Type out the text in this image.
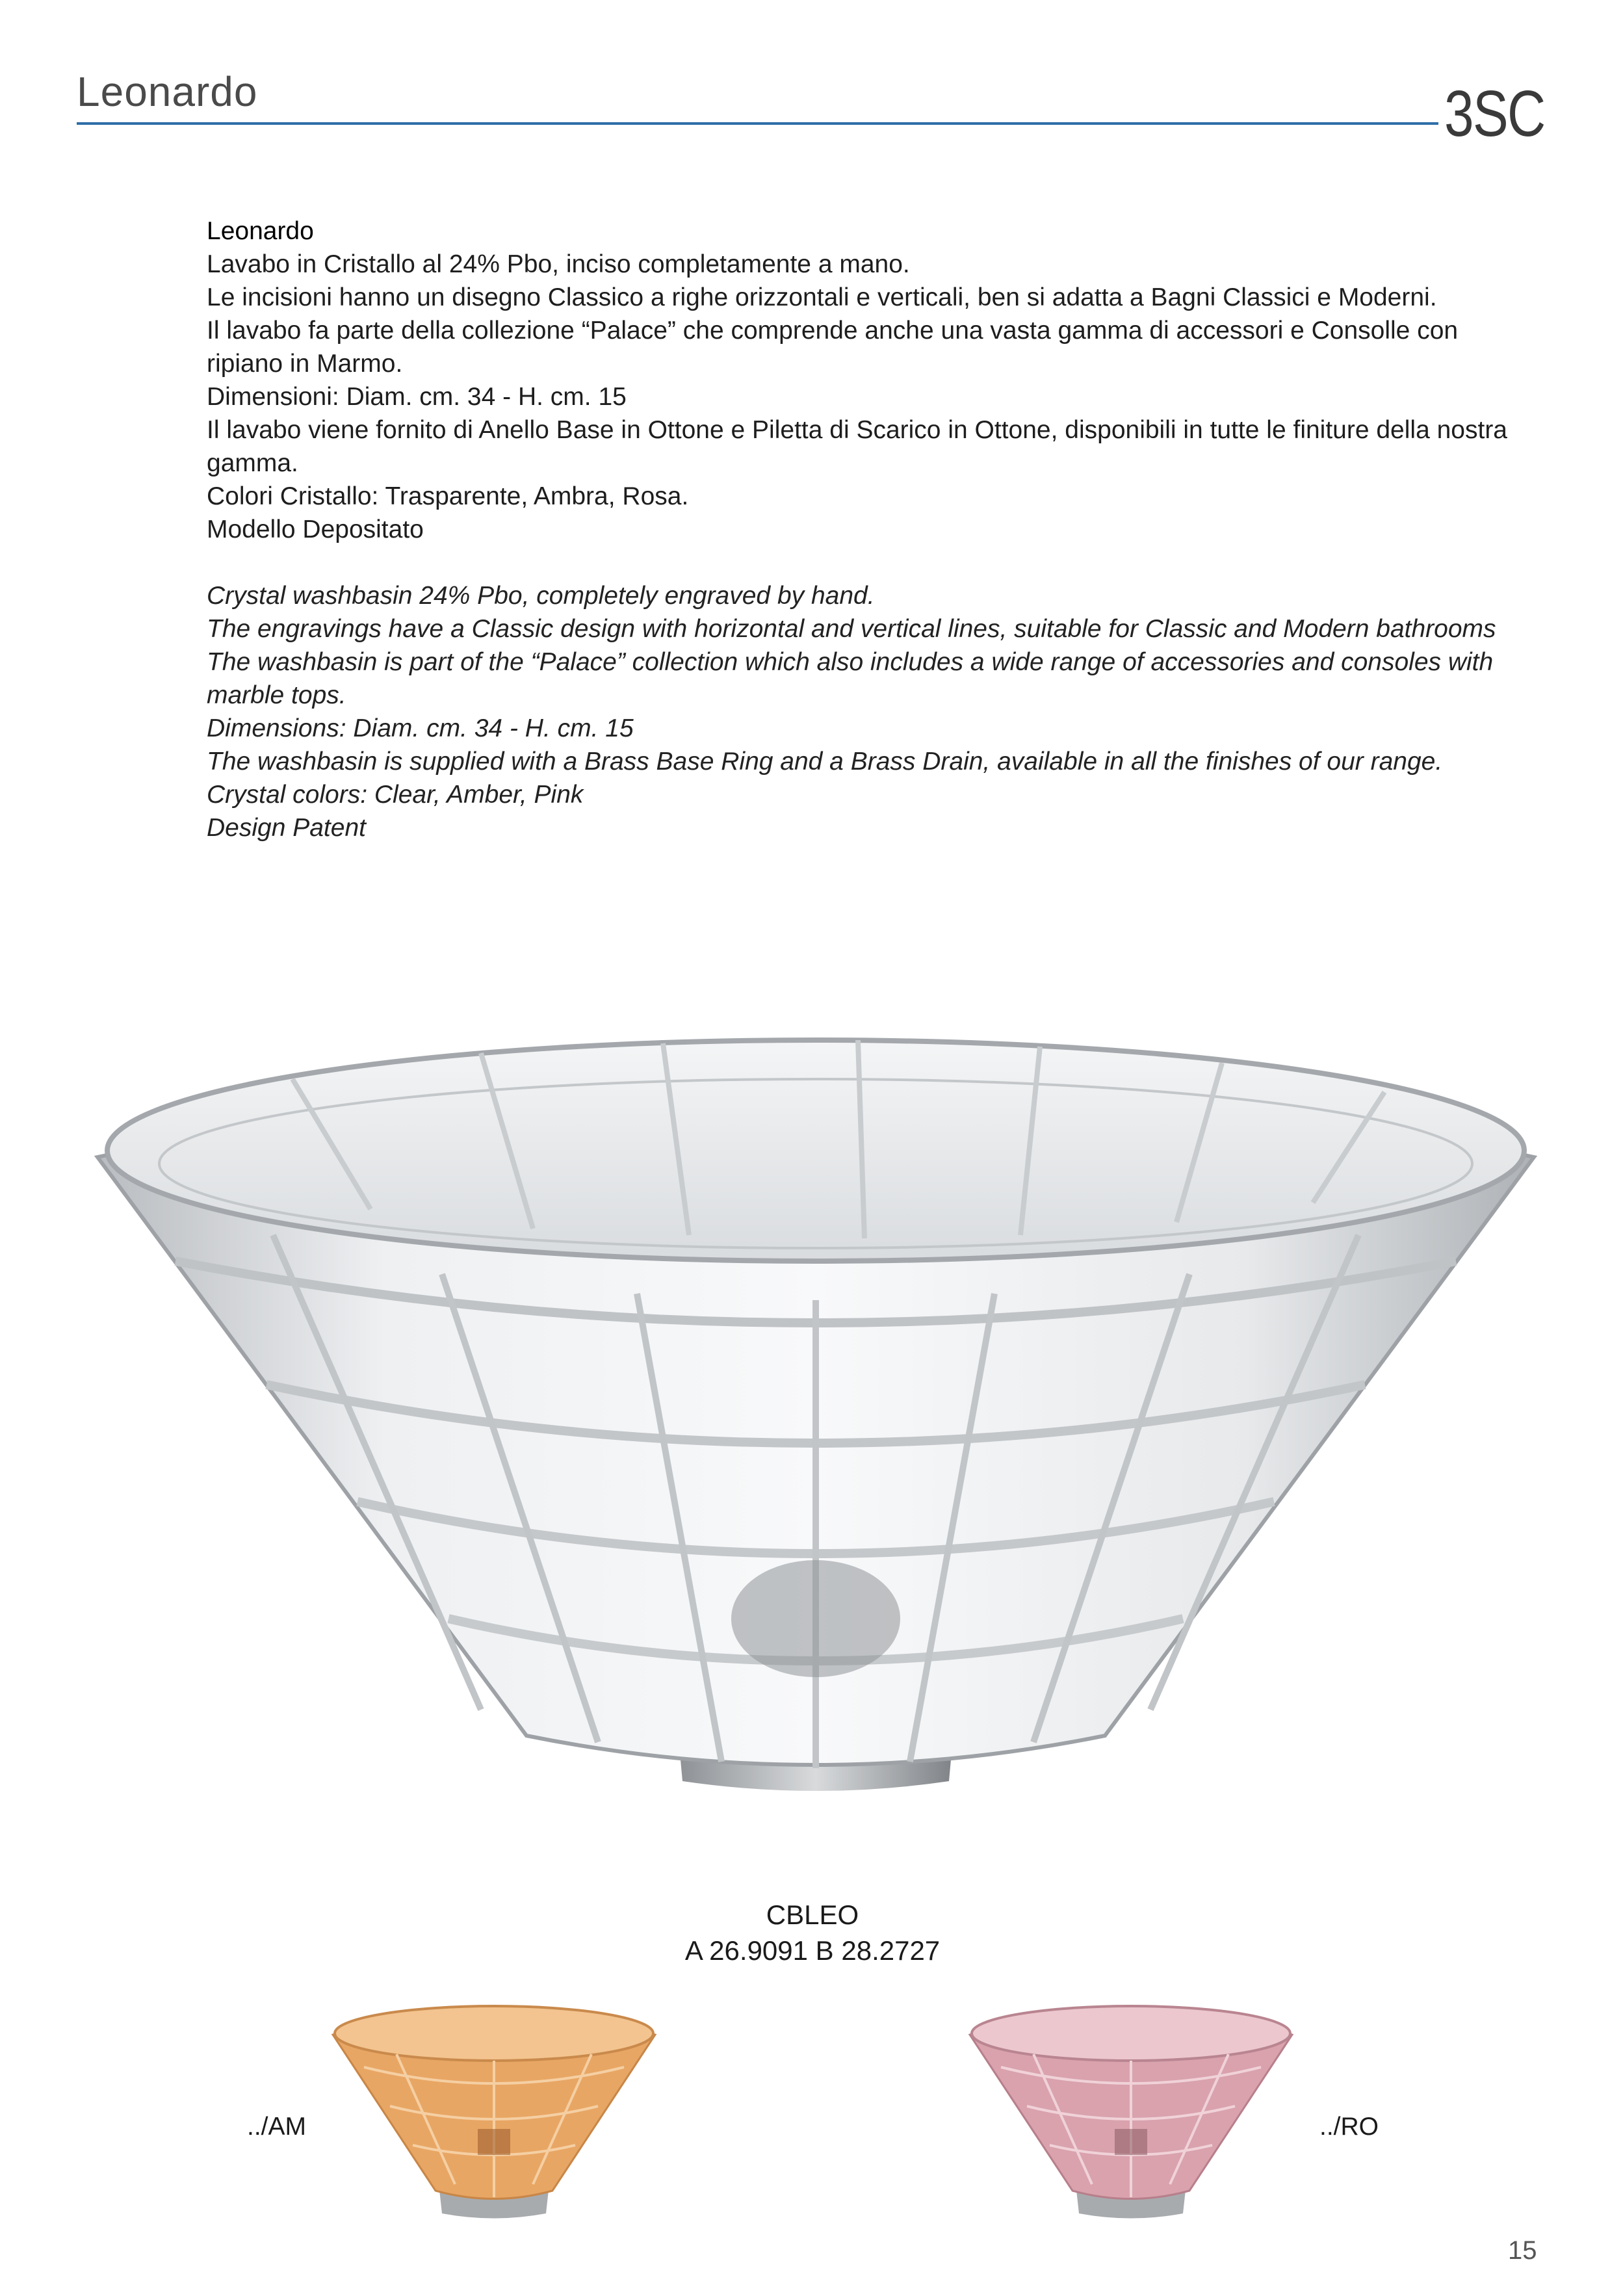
Leonardo	3SC

Leonardo

Lavabo in Cristallo al 24% Pbo, inciso completamente a mano.

Le incisioni hanno un disegno Classico a righe orizzontali e verticali, ben si adatta a Bagni Classici e Moderni.

Il lavabo fa parte della collezione “Palace” che comprende anche una vasta gamma di accessori e Consolle con ripiano in Marmo.

Dimensioni: Diam. cm. 34 - H. cm. 15

Il lavabo viene fornito di Anello Base in Ottone e Piletta di Scarico in Ottone, disponibili in tutte le finiture della nostra gamma.

Colori Cristallo: Trasparente, Ambra, Rosa.

Modello Depositato

Crystal washbasin 24% Pbo, completely engraved by hand.

The engravings have a Classic design with horizontal and vertical lines, suitable for Classic and Modern bathrooms

The washbasin is part of the “Palace” collection which also includes a wide range of accessories and consoles with marble tops.

Dimensions: Diam. cm. 34 - H. cm. 15

The washbasin is supplied with a Brass Base Ring and a Brass Drain, available in all the finishes of our range.

Crystal colors: Clear, Amber, Pink

Design Patent

CBLEO
A 26.9091 B 28.2727
../AM	../RO
15
